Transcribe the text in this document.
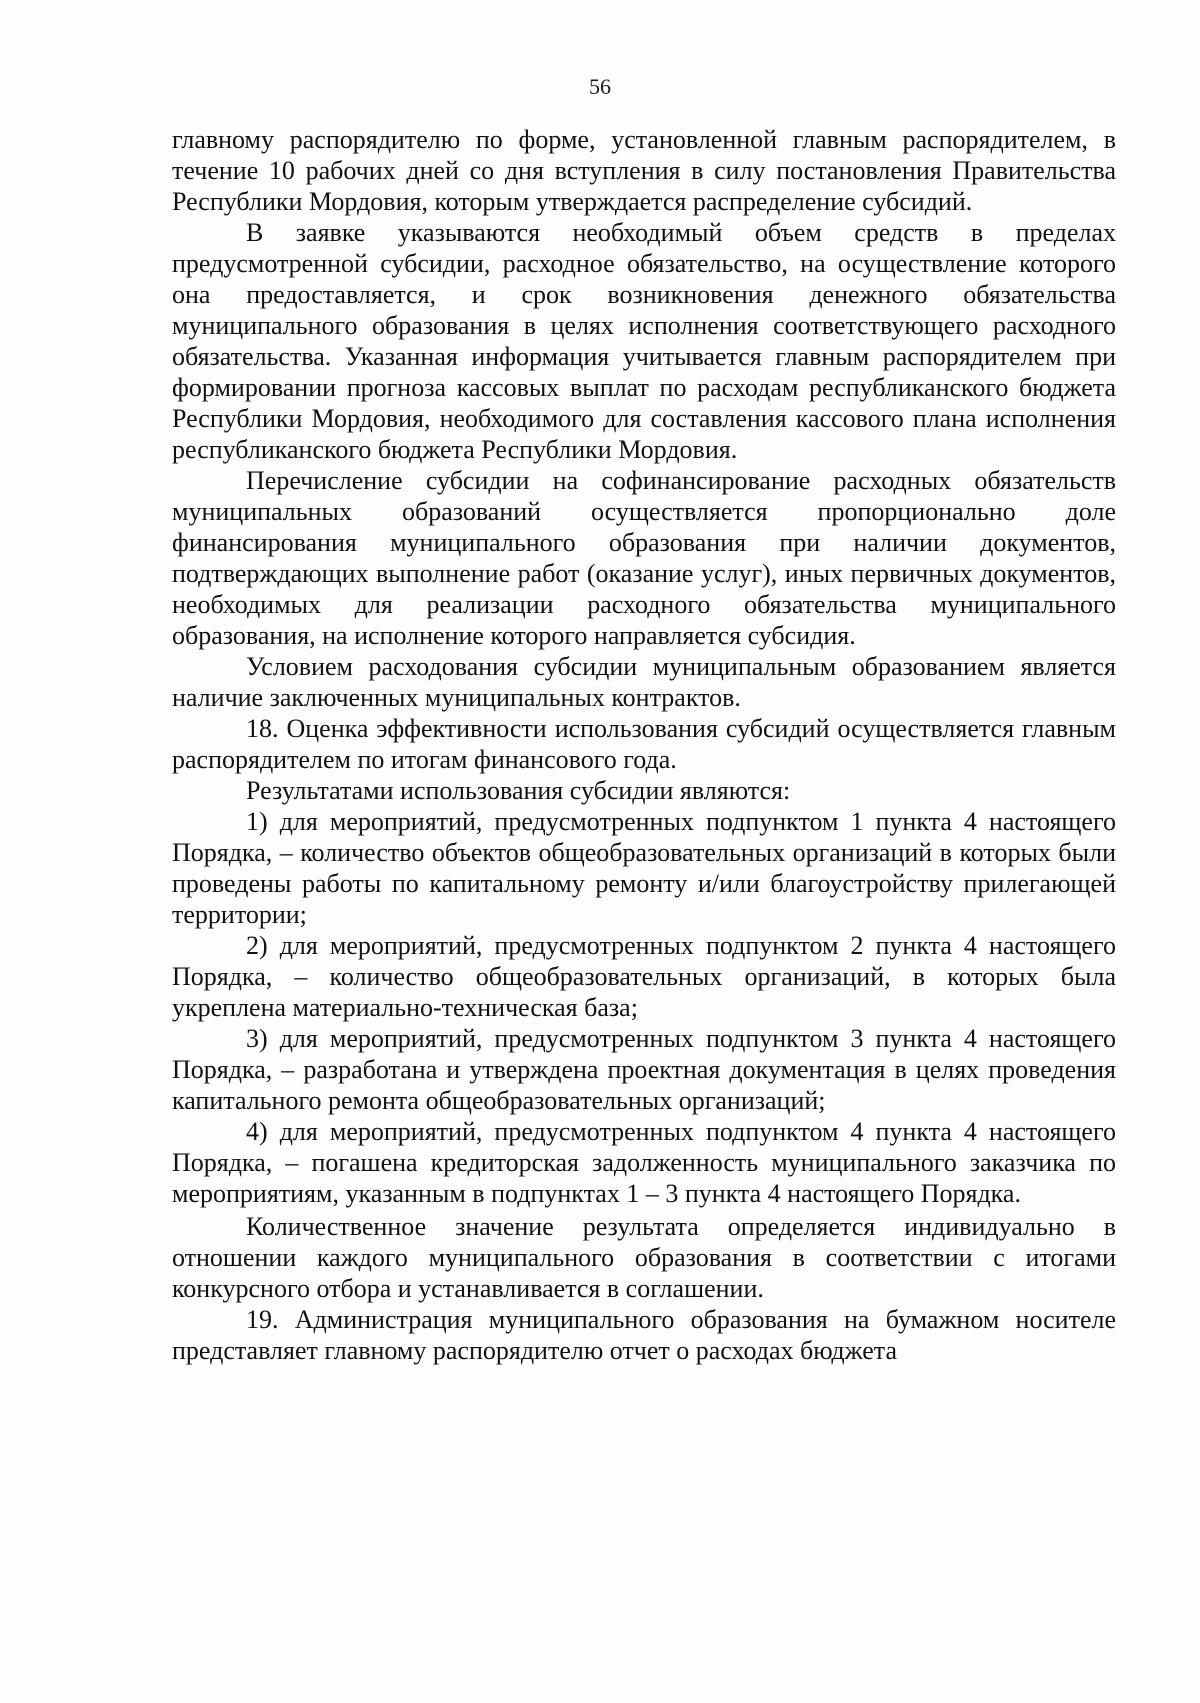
56

главному распорядителю по форме, установленной главным распорядителем, в течение 10 рабочих дней со дня вступления в силу постановления Правительства Республики Мордовия, которым утверждается распределение субсидий.

В заявке указываются необходимый объем средств в пределах предусмотренной субсидии, расходное обязательство, на осуществление которого она предоставляется, и срок возникновения денежного обязательства муниципального образования в целях исполнения соответствующего расходного обязательства. Указанная информация учитывается главным распорядителем при формировании прогноза кассовых выплат по расходам республиканского бюджета Республики Мордовия, необходимого для составления кассового плана исполнения республиканского бюджета Республики Мордовия.

Перечисление субсидии на софинансирование расходных обязательств муниципальных образований осуществляется пропорционально доле финансирования муниципального образования при наличии документов, подтверждающих выполнение работ (оказание услуг), иных первичных документов, необходимых для реализации расходного обязательства муниципального образования, на исполнение которого направляется субсидия.

Условием расходования субсидии муниципальным образованием является наличие заключенных муниципальных контрактов.

18. Оценка эффективности использования субсидий осуществляется главным распорядителем по итогам финансового года.

Результатами использования субсидии являются:

1) для мероприятий, предусмотренных подпунктом 1 пункта 4 настоящего Порядка, – количество объектов общеобразовательных организаций в которых были проведены работы по капитальному ремонту и/или благоустройству прилегающей территории;

2) для мероприятий, предусмотренных подпунктом 2 пункта 4 настоящего Порядка, – количество общеобразовательных организаций, в которых была укреплена материально-техническая база;

3) для мероприятий, предусмотренных подпунктом 3 пункта 4 настоящего Порядка, – разработана и утверждена проектная документация в целях проведения капитального ремонта общеобразовательных организаций;

4) для мероприятий, предусмотренных подпунктом 4 пункта 4 настоящего Порядка, – погашена кредиторская задолженность муниципального заказчика по мероприятиям, указанным в подпунктах 1 – 3 пункта 4 настоящего Порядка.

Количественное значение результата определяется индивидуально в отношении каждого муниципального образования в соответствии с итогами конкурсного отбора и устанавливается в соглашении.

19. Администрация муниципального образования на бумажном носителе представляет главному распорядителю отчет о расходах бюджета
